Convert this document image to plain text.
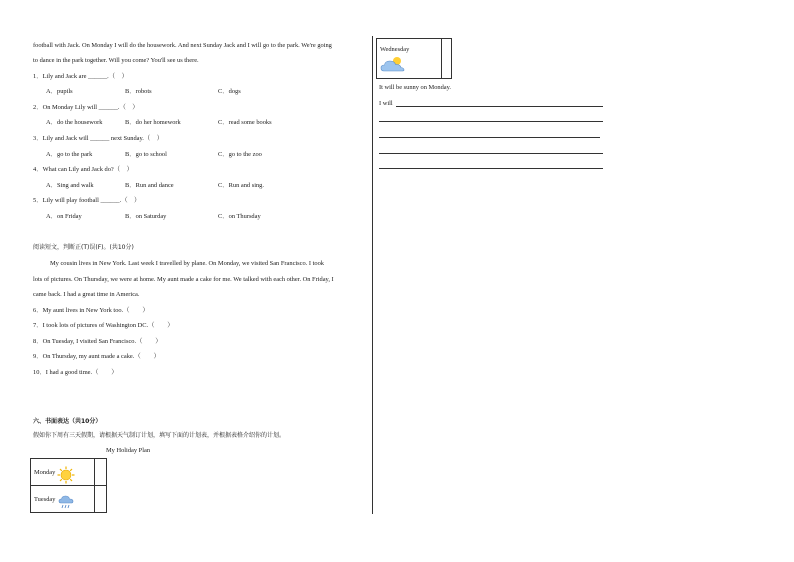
football with Jack. On Monday I will do the housework. And next Sunday Jack and I will go to the park. We're going
to dance in the park together. Will you come? You'll see us there.
1．Lily and Jack are ______.（　）
A．pupils	B．robots	C．dogs
2．On Monday Lily will ______.（　）
A．do the housework	B．do her homework	C．read some books
3．Lily and Jack will ______ next Sunday.（　）
A．go to the park	B．go to school	C．go to the zoo
4．What can Lily and Jack do?（　）
A．Sing and walk	B．Run and dance	C．Run and sing.
5．Lily will play football ______.（　）
A．on Friday	B．on Saturday	C．on Thursday
阅读短文，判断正(T)误(F)。(共10分)
My cousin lives in New York. Last week I travelled by plane. On Monday, we visited San Francisco. I took
lots of pictures. On Thursday, we were at home. My aunt made a cake for me. We talked with each other. On Friday, I
came back. I had a great time in America.
6．My aunt lives in New York too.（　　）
7．I took lots of pictures of Washington DC.（　　）
8．On Tuesday, I visited San Francisco.（　　）
9．On Thursday, my aunt made a cake.（　　）
10．I had a good time.（　　）
六、书面表达（共10分）
假如你下周有三天假期，请根据天气制订计划，填写下面的计划表，并根据表格介绍你的计划。
My Holiday Plan
Monday	
Tuesday	
Wednesday

It will be sunny on Monday.
I will
